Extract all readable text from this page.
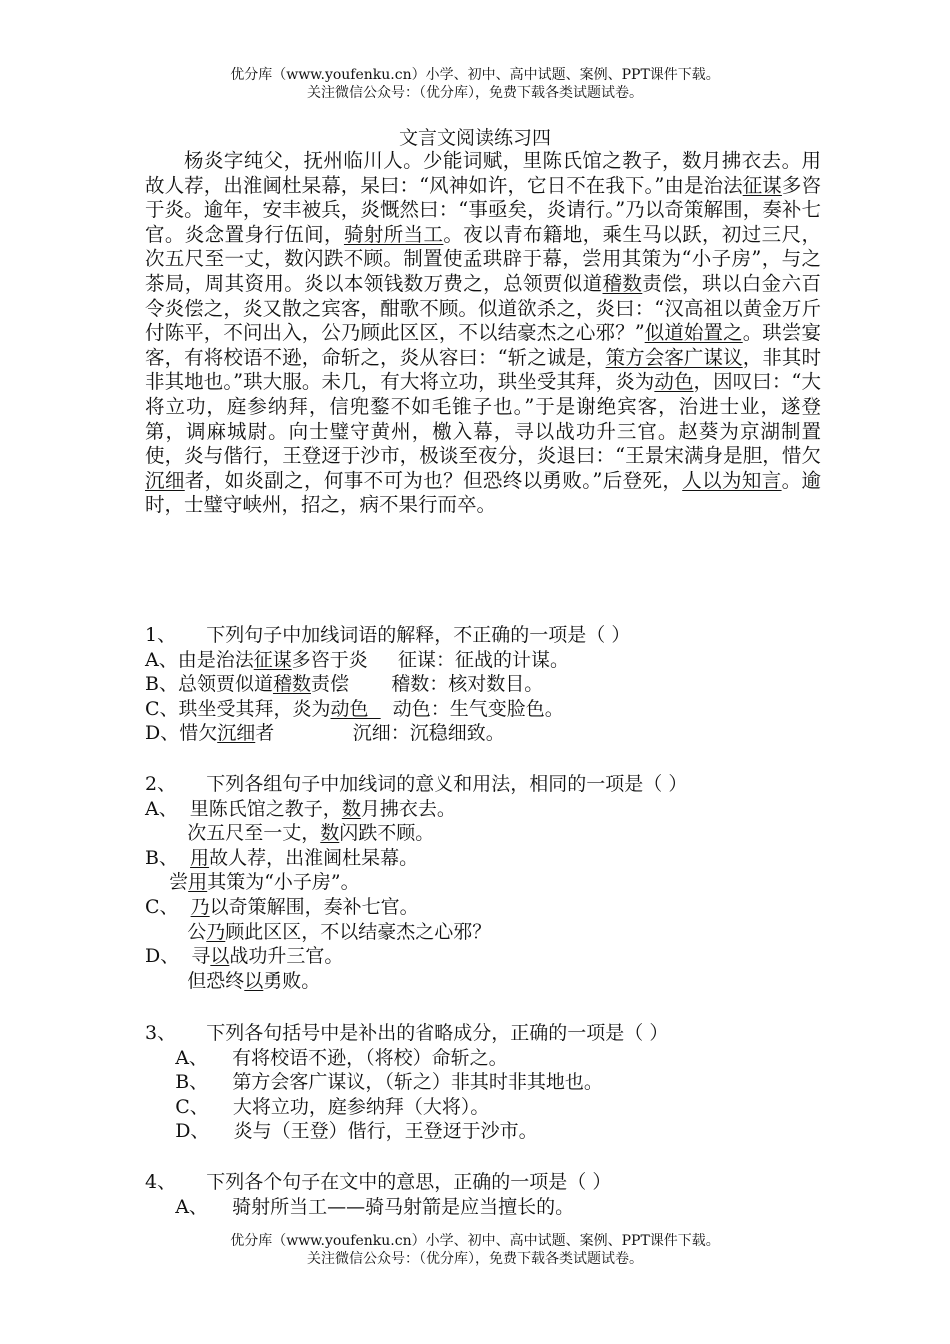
优分库（www.youfenku.cn）小学、初中、高中试题、案例、PPT课件下载。
关注微信公众号：（优分库），免费下载各类试题试卷。
文言文阅读练习四

杨炎字纯父，抚州临川人。少能词赋，里陈氏馆之教子，数月拂衣去。用故人荐，出淮阃杜杲幕，杲曰：“风神如许，它日不在我下。”由是治法征谋多咨于炎。逾年，安丰被兵，炎慨然曰：“事亟矣，炎请行。”乃以奇策解围，奏补七官。炎念置身行伍间，骑射所当工。夜以青布籍地，乘生马以跃，初过三尺，次五尺至一丈，数闪跌不顾。制置使孟珙辟于幕，尝用其策为“小子房”，与之茶局，周其资用。炎以本领钱数万费之，总领贾似道稽数责偿，珙以白金六百令炎偿之，炎又散之宾客，酣歌不顾。似道欲杀之，炎曰：“汉高祖以黄金万斤付陈平，不问出入，公乃顾此区区，不以结豪杰之心邪？”似道始置之。珙尝宴客，有将校语不逊，命斩之，炎从容曰：“斩之诚是，策方会客广谋议，非其时非其地也。”珙大服。未几，有大将立功，珙坐受其拜，炎为动色，因叹曰：“大将立功，庭参纳拜，信兜鍪不如毛锥子也。”于是谢绝宾客，治进士业，遂登第，调麻城尉。向士璧守黄州，檄入幕，寻以战功升三官。赵葵为京湖制置使，炎与偕行，王登迓于沙市，极谈至夜分，炎退曰：“王景宋满身是胆，惜欠沉细者，如炎副之，何事不可为也？但恐终以勇败。”后登死，人以为知言。逾时，士璧守峡州，招之，病不果行而卒。

1、     下列句子中加线词语的解释，不正确的一项是（ ）
A、由是治法征谋多咨于炎     征谋：征战的计谋。
B、总领贾似道稽数责偿       稽数：核对数目。
C、珙坐受其拜，炎为动色    动色：生气变脸色。
D、惜欠沉细者             沉细：沉稳细致。
2、     下列各组句子中加线词的意义和用法，相同的一项是（ ）
A、  里陈氏馆之教子，数月拂衣去。
次五尺至一丈，数闪跌不顾。
B、  用故人荐，出淮阃杜杲幕。
尝用其策为“小子房”。
C、  乃以奇策解围，奏补七官。
公乃顾此区区，不以结豪杰之心邪？
D、  寻以战功升三官。
但恐终以勇败。
3、     下列各句括号中是补出的省略成分，正确的一项是（ ）
A、    有将校语不逊，（将校）命斩之。
B、    第方会客广谋议，（斩之）非其时非其地也。
C、    大将立功，庭参纳拜（大将）。
D、    炎与（王登）偕行，王登迓于沙市。
4、     下列各个句子在文中的意思，正确的一项是（ ）
A、    骑射所当工——骑马射箭是应当擅长的。
优分库（www.youfenku.cn）小学、初中、高中试题、案例、PPT课件下载。
关注微信公众号：（优分库），免费下载各类试题试卷。
